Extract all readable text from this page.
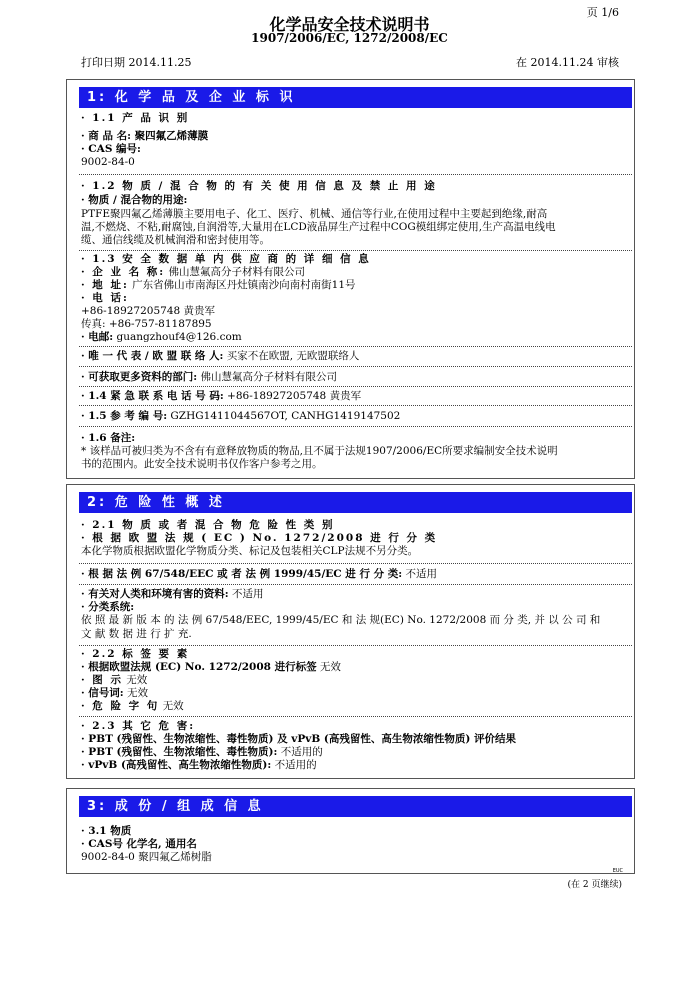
页 1/6
化学品安全技术说明书
1907/2006/EC, 1272/2008/EC
打印日期 2014.11.25	在 2014.11.24 审核
1: 化 学 品 及 企 业 标 识
· 1.1 产 品 识 别
· 商 品 名: 聚四氟乙烯薄膜
· CAS 编号:
9002-84-0
· 1.2 物 质 / 混 合 物 的 有 关 使 用 信 息 及 禁 止 用 途
· 物质 / 混合物的用途:
PTFE聚四氟乙烯薄膜主要用电子、化工、医疗、机械、通信等行业,在使用过程中主要起到绝缘,耐高
温,不燃烧、不粘,耐腐蚀,自润滑等,大量用在LCD液晶屏生产过程中COG模组绑定使用,生产高温电线电
缆、通信线缆及机械润滑和密封使用等。
· 1.3 安 全 数 据 单 内 供 应 商 的 详 细 信 息
· 企 业 名 称: 佛山慧氟高分子材料有限公司
· 地 址: 广东省佛山市南海区丹灶镇南沙向南村南街11号
· 电 话:
+86-18927205748 黄贵军
传真: +86-757-81187895
· 电邮: guangzhouf4@126.com
· 唯 一 代 表 / 欧 盟 联 络 人: 买家不在欧盟, 无欧盟联络人
· 可获取更多资料的部门: 佛山慧氟高分子材料有限公司
· 1.4 紧 急 联 系 电 话 号 码: +86-18927205748 黄贵军
· 1.5 参 考 编 号: GZHG1411044567OT, CANHG1419147502
· 1.6 备注:
* 该样品可被归类为不含有有意释放物质的物品,且不属于法规1907/2006/EC所要求编制安全技术说明
书的范围内。此安全技术说明书仅作客户参考之用。
2: 危 险 性 概 述
· 2.1 物 质 或 者 混 合 物 危 险 性 类 别
· 根 据 欧 盟 法 规 ( EC ) No. 1272/2008 进 行 分 类
本化学物质根据欧盟化学物质分类、标记及包装相关CLP法规不另分类。
· 根 据 法 例 67/548/EEC 或 者 法 例 1999/45/EC 进 行 分 类: 不适用
· 有关对人类和环境有害的资料: 不适用
· 分类系统:
依 照 最 新 版 本 的 法 例 67/548/EEC, 1999/45/EC 和 法 规(EC) No. 1272/2008 而 分 类, 并 以 公 司 和
文 献 数 据 进 行 扩 充.
· 2.2 标 签 要 素
· 根据欧盟法规 (EC) No. 1272/2008 进行标签 无效
· 图 示 无效
· 信号词: 无效
· 危 险 字 句 无效
· 2.3 其 它 危 害:
· PBT (残留性、生物浓缩性、毒性物质) 及 vPvB (高残留性、高生物浓缩性物质) 评价结果
· PBT (残留性、生物浓缩性、毒性物质): 不适用的
· vPvB (高残留性、高生物浓缩性物质): 不适用的
3: 成 份 / 组 成 信 息
· 3.1 物质
· CAS号 化学名, 通用名
9002-84-0 聚四氟乙烯树脂
EUC
(在 2 页继续)
